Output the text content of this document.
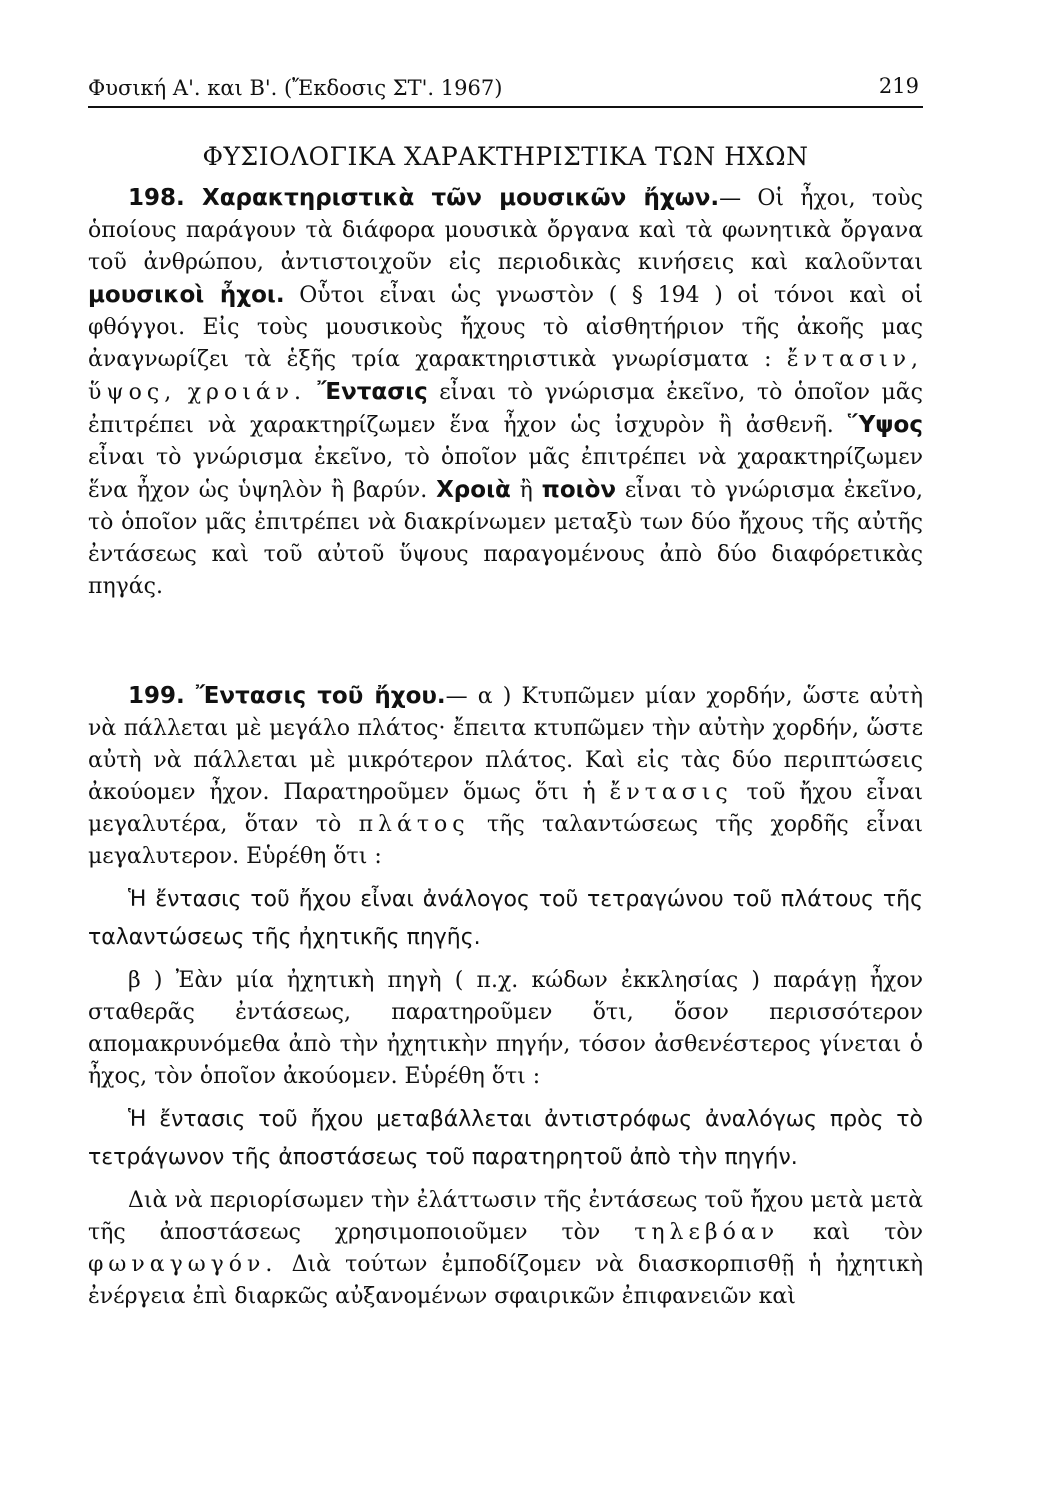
Φυσική Α'. και Β'. (Ἔκδοσις ΣΤ'. 1967)	219
ΦΥΣΙΟΛΟΓΙΚΑ ΧΑΡΑΚΤΗΡΙΣΤΙΚΑ ΤΩΝ ΗΧΩΝ

198. Χαρακτηριστικὰ τῶν μουσικῶν ἤχων.— Οἱ ἦχοι, τοὺς ὁποίους παράγουν τὰ διάφορα μουσικὰ ὄργανα καὶ τὰ φωνητικὰ ὄργανα τοῦ ἀνθρώπου, ἀντιστοιχοῦν εἰς περιοδικὰς κινήσεις καὶ καλοῦνται μουσικοὶ ἦχοι. Οὗτοι εἶναι ὡς γνωστὸν ( § 194 ) οἱ τόνοι καὶ οἱ φθόγγοι. Εἰς τοὺς μουσικοὺς ἤχους τὸ αἰσθητήριον τῆς ἀκοῆς μας ἀναγνωρίζει τὰ ἑξῆς τρία χαρακτηριστικὰ γνωρίσματα : ἔντασιν, ὕψος, χροιάν. Ἔντασις εἶναι τὸ γνώρισμα ἐκεῖνο, τὸ ὁποῖον μᾶς ἐπιτρέπει νὰ χαρακτηρίζωμεν ἕνα ἦχον ὡς ἰσχυρὸν ἢ ἀσθενῆ. Ὕψος εἶναι τὸ γνώρισμα ἐκεῖνο, τὸ ὁποῖον μᾶς ἐπιτρέπει νὰ χαρακτηρίζωμεν ἕνα ἦχον ὡς ὑψηλὸν ἢ βαρύν. Χροιὰ ἢ ποιὸν εἶναι τὸ γνώρισμα ἐκεῖνο, τὸ ὁποῖον μᾶς ἐπιτρέπει νὰ διακρίνωμεν μεταξὺ των δύο ἤχους τῆς αὐτῆς ἐντάσεως καὶ τοῦ αὐτοῦ ὕψους παραγομένους ἀπὸ δύο διαφόρετικὰς πηγάς.

199. Ἔντασις τοῦ ἤχου.— α ) Κτυπῶμεν μίαν χορδήν, ὥστε αὐτὴ νὰ πάλλεται μὲ μεγάλο πλάτος· ἔπειτα κτυπῶμεν τὴν αὐτὴν χορδήν, ὥστε αὐτὴ νὰ πάλλεται μὲ μικρότερον πλάτος. Καὶ εἰς τὰς δύο περιπτώσεις ἀκούομεν ἦχον. Παρατηροῦμεν ὅμως ὅτι ἡ ἔντασις τοῦ ἤχου εἶναι μεγαλυτέρα, ὅταν τὸ πλάτος τῆς ταλαντώσεως τῆς χορδῆς εἶναι μεγαλυτερον. Εὑρέθη ὅτι :

Ἡ ἔντασις τοῦ ἤχου εἶναι ἀνάλογος τοῦ τετραγώνου τοῦ πλάτους τῆς ταλαντώσεως τῆς ἠχητικῆς πηγῆς.

β ) Ἐὰν μία ἠχητικὴ πηγὴ ( π.χ. κώδων ἐκκλησίας ) παράγῃ ἦχον σταθερᾶς ἐντάσεως, παρατηροῦμεν ὅτι, ὅσον περισσότερον απομακρυνόμεθα ἀπὸ τὴν ἠχητικὴν πηγήν, τόσον ἀσθενέστερος γίνεται ὁ ἦχος, τὸν ὁποῖον ἀκούομεν. Εὑρέθη ὅτι :

Ἡ ἔντασις τοῦ ἤχου μεταβάλλεται ἀντιστρόφως ἀναλόγως πρὸς τὸ τετράγωνον τῆς ἀποστάσεως τοῦ παρατηρητοῦ ἀπὸ τὴν πηγήν.

Διὰ νὰ περιορίσωμεν τὴν ἐλάττωσιν τῆς ἐντάσεως τοῦ ἤχου μετὰ μετὰ τῆς ἀποστάσεως χρησιμοποιοῦμεν τὸν τηλεβόαν καὶ τὸν φωναγωγόν. Διὰ τούτων ἐμποδίζομεν νὰ διασκορπισθῇ ἡ ἠχητικὴ ἐνέργεια ἐπὶ διαρκῶς αὐξανομένων σφαιρικῶν ἐπιφανειῶν καὶ
